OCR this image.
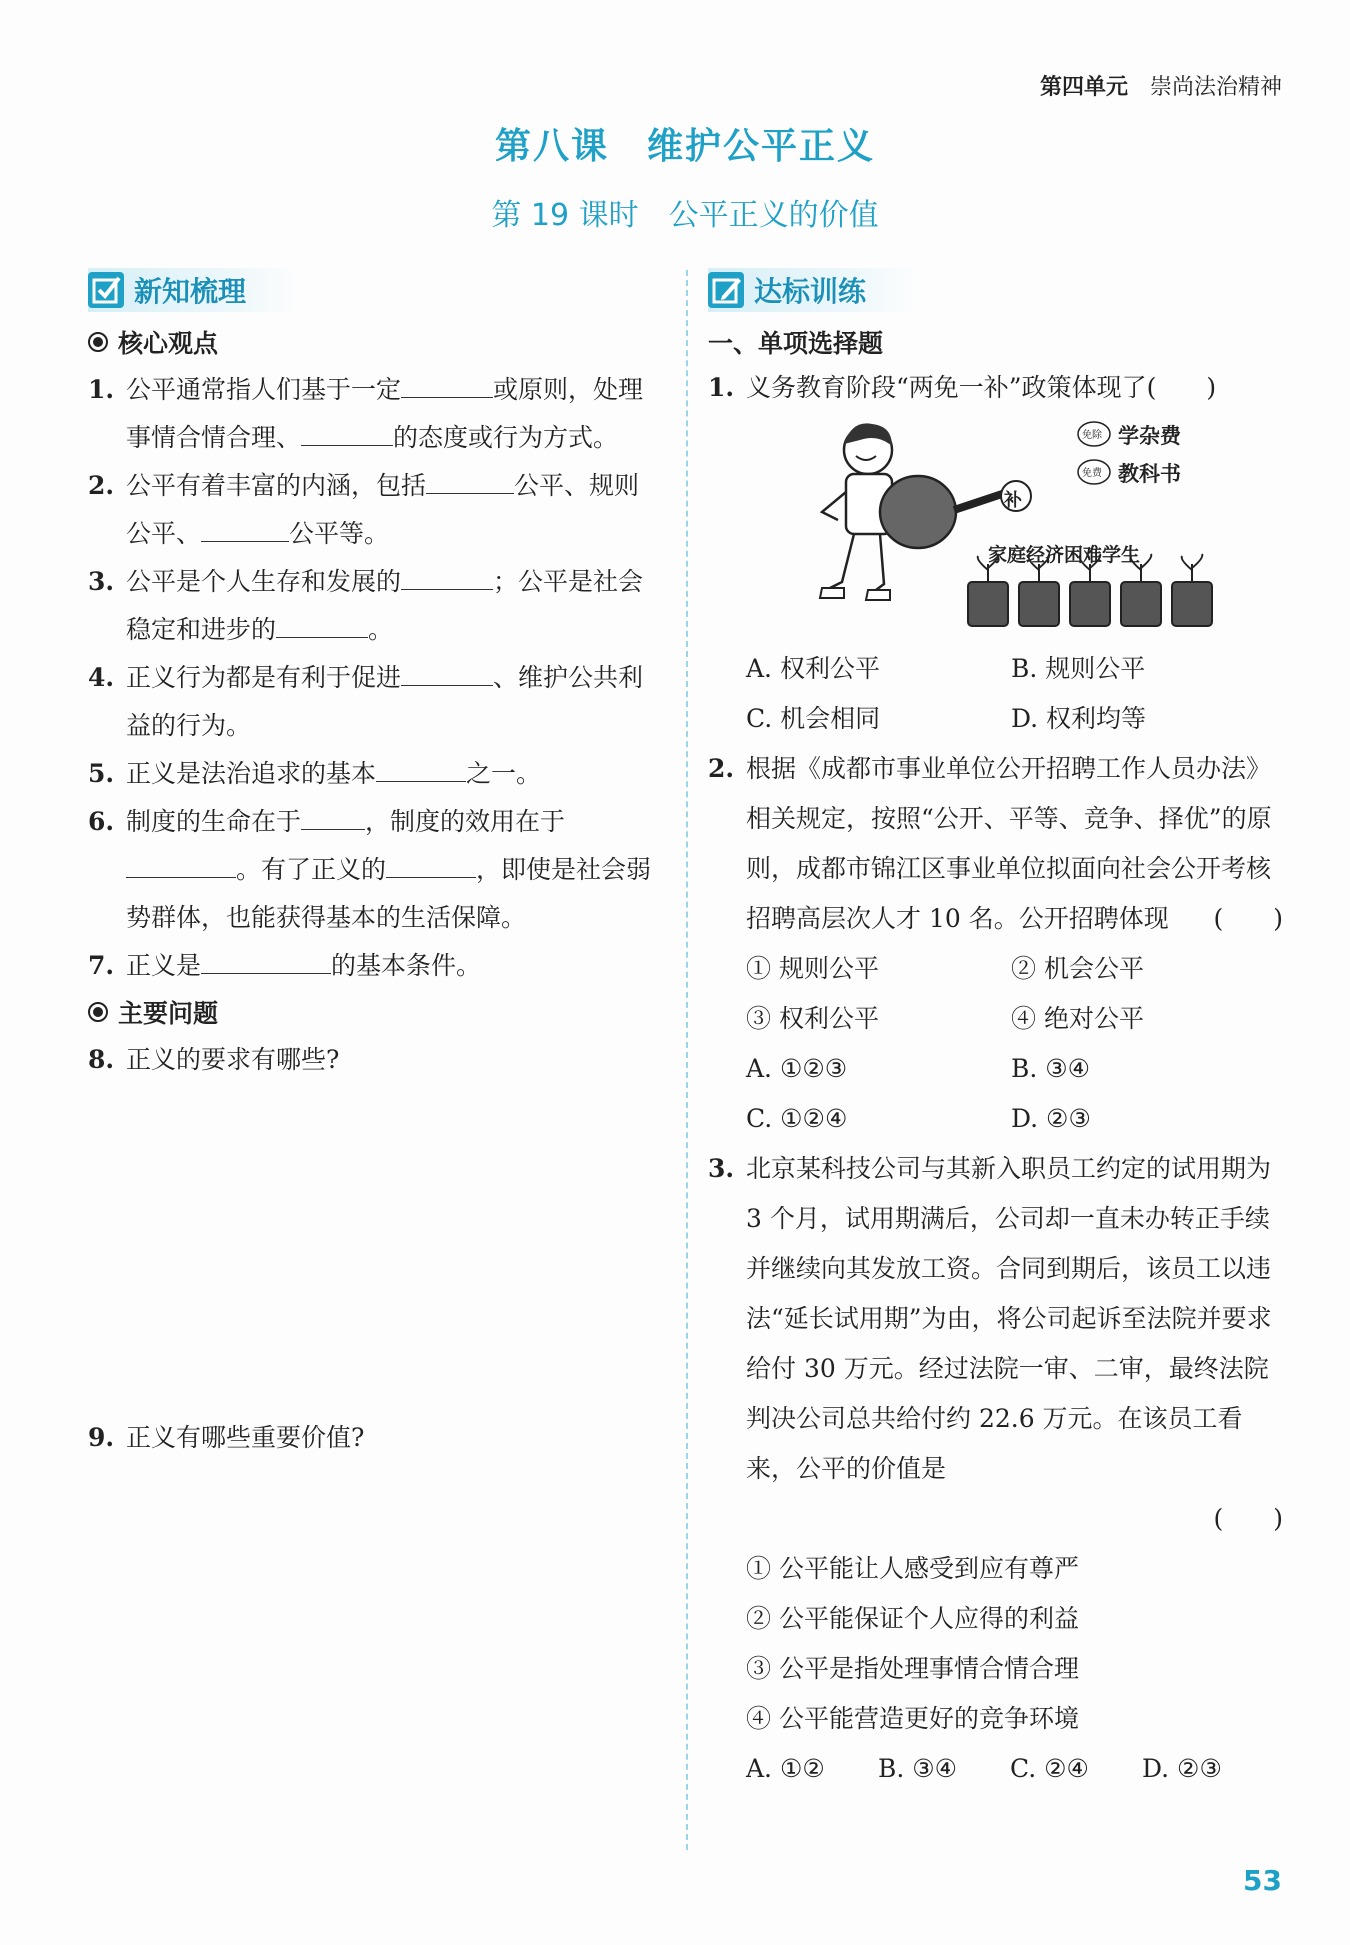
第四单元 崇尚法治精神
第八课　维护公平正义
第 19 课时　公平正义的价值
新知梳理
核心观点
1. 公平通常指人们基于一定	或原则，处理事情合情合理、	的态度或行为方式。
2. 公平有着丰富的内涵，包括	公平、规则公平、	公平等。
3. 公平是个人生存和发展的	；公平是社会稳定和进步的	。
4. 正义行为都是有利于促进	、维护公共利益的行为。
5. 正义是法治追求的基本	之一。
6. 制度的生命在于	，制度的效用在于。有了正义的	，即使是社会弱势群体，也能获得基本的生活保障。
7. 正义是	的基本条件。
主要问题
8. 正义的要求有哪些?
9. 正义有哪些重要价值?
达标训练
一、单项选择题
1. 义务教育阶段“两免一补”政策体现了(　　)
补
免除 学杂费
免费 教科书
家庭经济困难学生
A. 权利公平	B. 规则公平
C. 机会相同	D. 权利均等
2. 根据《成都市事业单位公开招聘工作人员办法》相关规定，按照“公开、平等、竞争、择优”的原则，成都市锦江区事业单位拟面向社会公开考核招聘高层次人才 10 名。公开招聘体现 (　　)
① 规则公平	② 机会公平
③ 权利公平	④ 绝对公平
A. ①②③	B. ③④
C. ①②④	D. ②③
3. 北京某科技公司与其新入职员工约定的试用期为 3 个月，试用期满后，公司却一直未办转正手续并继续向其发放工资。合同到期后，该员工以违法“延长试用期”为由，将公司起诉至法院并要求给付 30 万元。经过法院一审、二审，最终法院判决公司总共给付约 22.6 万元。在该员工看来，公平的价值是

(　　)
① 公平能让人感受到应有尊严
② 公平能保证个人应得的利益
③ 公平是指处理事情合情合理
④ 公平能营造更好的竞争环境
A. ①②	B. ③④	C. ②④	D. ②③
53
